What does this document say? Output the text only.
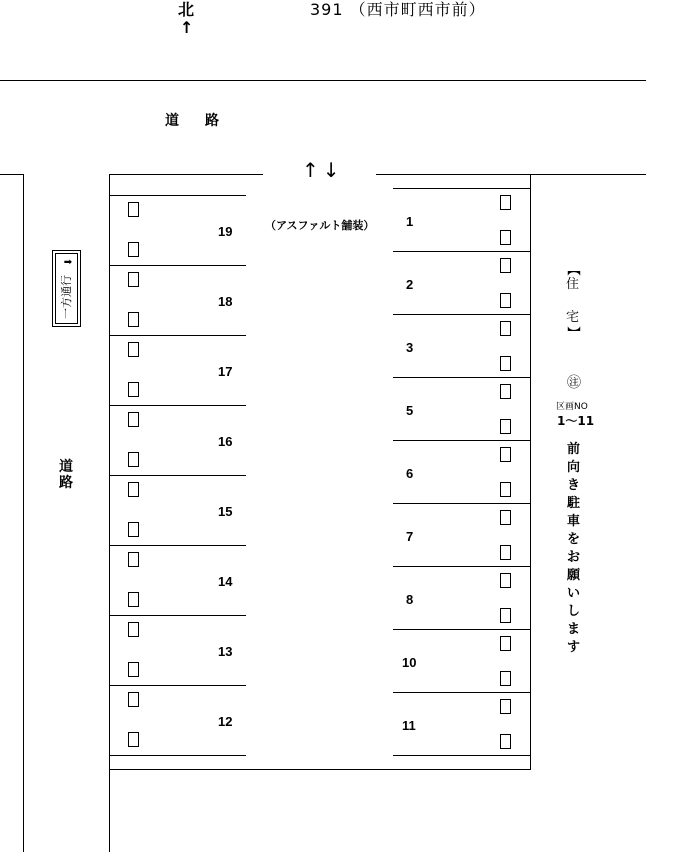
北
↑
391 （西市町西市前）
道　路
道
路
一方通行 ➡
↑↓
（アスファルト舗装）
19
18
17
16
15
14
13
12
1
2
3
5
6
7
8
10
11
【
住
宅
】
㊟
区画NO
1〜11
前
向
き
駐
車
を
お
願
い
し
ま
す
